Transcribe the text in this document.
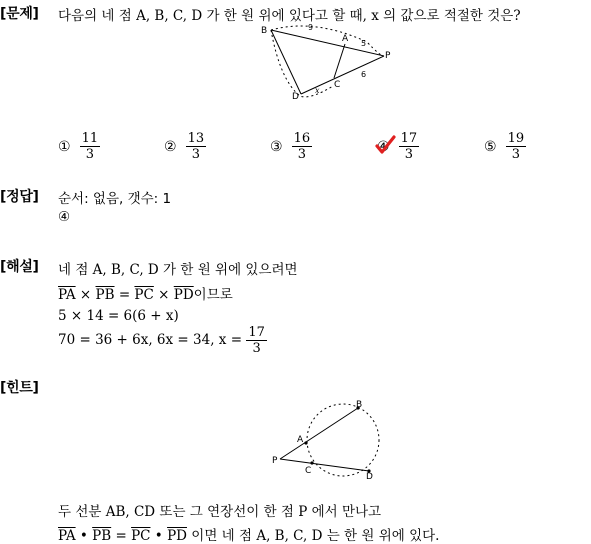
[문제] 다음의 네 점 A, B, C, D 가 한 원 위에 있다고 할 때, x 의 값으로 적절한 것은?
B
A
P
C
D
9
5
6
x
① $\frac{11}{3}$	② $\frac{13}{3}$	③ $\frac{16}{3}$	④ $\frac{17}{3}$	⑤ $\frac{19}{3}$
[정답] 순서: 없음, 갯수: 1
④
[해설] 네 점 A, B, C, D 가 한 원 위에 있으려면
$\overline{PA} \times \overline{PB} = \overline{PC} \times \overline{PD}$이므로
5 × 14 = 6(6 + x)
70 = 36 + 6x, 6x = 34, $x = \frac{17}{3}$
[힌트]
B
A
P
C
D
두 선분 AB, CD 또는 그 연장선이 한 점 P 에서 만나고
$\overline{PA}$ • $\overline{PB} = \overline{PC}$ • $\overline{PD}$ 이면 네 점 A, B, C, D 는 한 원 위에 있다.
